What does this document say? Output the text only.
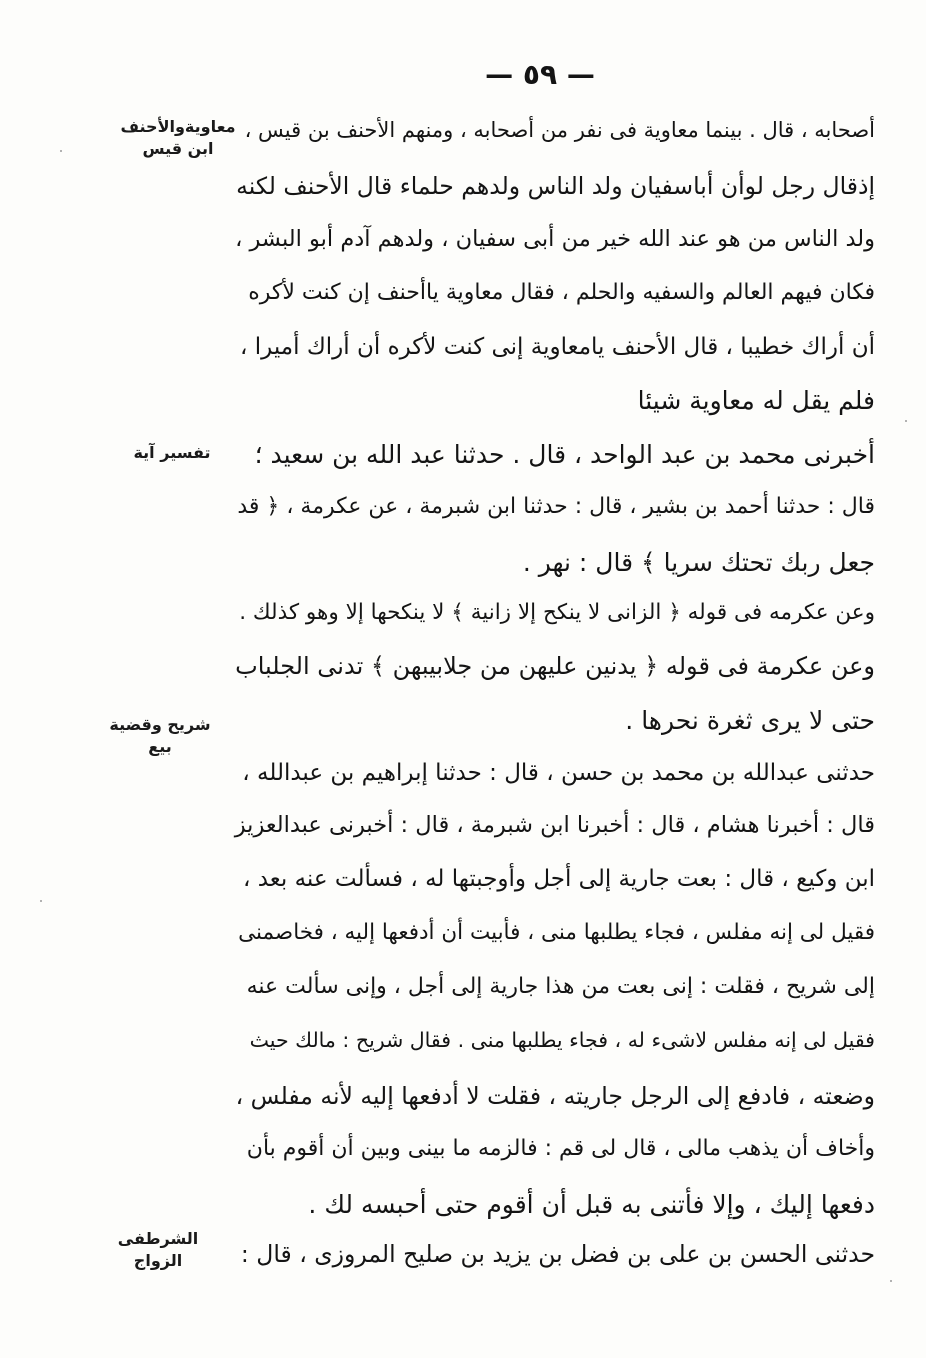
— ٥٩ —
معاويةوالأحنف
ابن قيس
تفسير آية
شريح وقضية
بيع
الشرطفى
الزواج
أصحابه ، قال . بينما معاوية فى نفر من أصحابه ، ومنهم الأحنف بن قيس ،
إذقال رجل لوأن أباسفيان ولد الناس ولدهم حلماء قال الأحنف لكنه
ولد الناس من هو عند الله خير من أبى سفيان ، ولدهم آدم أبو البشر ،
فكان فيهم العالم والسفيه والحلم ، فقال معاوية ياأحنف إن كنت لأكره
أن أراك خطيبا ، قال الأحنف يامعاوية إنى كنت لأكره أن أراك أميرا ،
فلم يقل له معاوية شيئا
أخبرنى محمد بن عبد الواحد ، قال . حدثنا عبد الله بن سعيد ؛
قال : حدثنا أحمد بن بشير ، قال : حدثنا ابن شبرمة ، عن عكرمة ، ﴿ قد
جعل ربك تحتك سريا ﴾ قال : نهر .
وعن عكرمه فى قوله ﴿ الزانى لا ينكح إلا زانية ﴾ لا ينكحها إلا وهو كذلك .
وعن عكرمة فى قوله ﴿ يدنين عليهن من جلابيبهن ﴾ تدنى الجلباب
حتى لا يرى ثغرة نحرها .
حدثنى عبدالله بن محمد بن حسن ، قال : حدثنا إبراهيم بن عبدالله ،
قال : أخبرنا هشام ، قال : أخبرنا ابن شبرمة ، قال : أخبرنى عبدالعزيز
ابن وكيع ، قال : بعت جارية إلى أجل وأوجبتها له ، فسألت عنه بعد ،
فقيل لى إنه مفلس ، فجاء يطلبها منى ، فأبيت أن أدفعها إليه ، فخاصمنى
إلى شريح ، فقلت : إنى بعت من هذا جارية إلى أجل ، وإنى سألت عنه
فقيل لى إنه مفلس لاشىء له ، فجاء يطلبها منى . فقال شريح : مالك حيث
وضعته ، فادفع إلى الرجل جاريته ، فقلت لا أدفعها إليه لأنه مفلس ،
وأخاف أن يذهب مالى ، قال لى قم : فالزمه ما بينى وبين أن أقوم بأن
دفعها إليك ، وإلا فأتنى به قبل أن أقوم حتى أحبسه لك .
حدثنى الحسن بن على بن فضل بن يزيد بن صليح المروزى ، قال :
